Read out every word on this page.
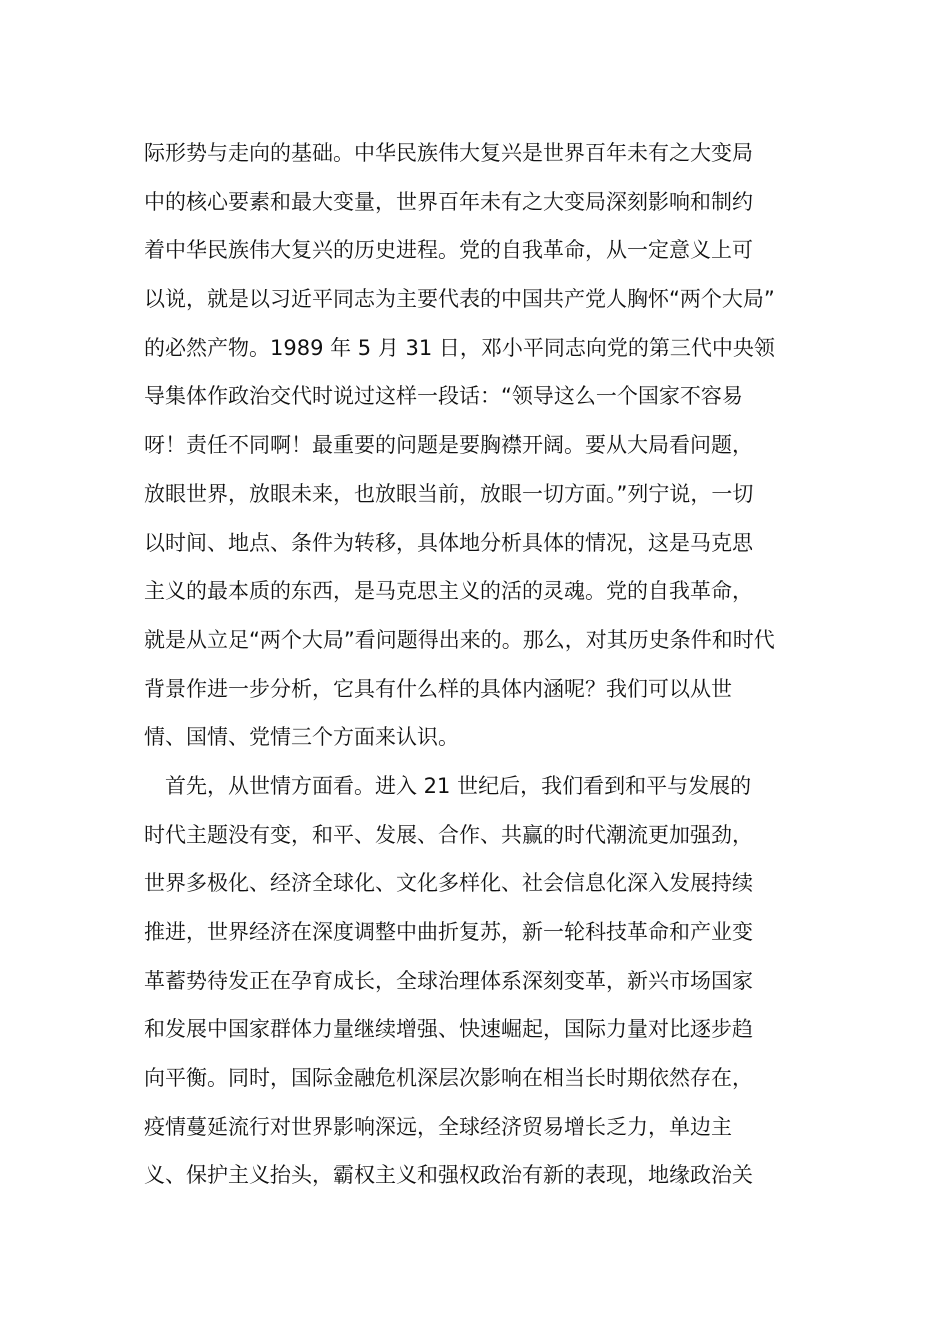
际形势与走向的基础。中华民族伟大复兴是世界百年未有之大变局
中的核心要素和最大变量，世界百年未有之大变局深刻影响和制约
着中华民族伟大复兴的历史进程。党的自我革命，从一定意义上可
以说，就是以习近平同志为主要代表的中国共产党人胸怀“两个大局”
的必然产物。1989 年 5 月 31 日，邓小平同志向党的第三代中央领
导集体作政治交代时说过这样一段话：“领导这么一个国家不容易
呀！责任不同啊！最重要的问题是要胸襟开阔。要从大局看问题，
放眼世界，放眼未来，也放眼当前，放眼一切方面。”列宁说，一切
以时间、地点、条件为转移，具体地分析具体的情况，这是马克思
主义的最本质的东西，是马克思主义的活的灵魂。党的自我革命，
就是从立足“两个大局”看问题得出来的。那么，对其历史条件和时代
背景作进一步分析，它具有什么样的具体内涵呢？我们可以从世
情、国情、党情三个方面来认识。
　首先，从世情方面看。进入 21 世纪后，我们看到和平与发展的
时代主题没有变，和平、发展、合作、共赢的时代潮流更加强劲，
世界多极化、经济全球化、文化多样化、社会信息化深入发展持续
推进，世界经济在深度调整中曲折复苏，新一轮科技革命和产业变
革蓄势待发正在孕育成长，全球治理体系深刻变革，新兴市场国家
和发展中国家群体力量继续增强、快速崛起，国际力量对比逐步趋
向平衡。同时，国际金融危机深层次影响在相当长时期依然存在，
疫情蔓延流行对世界影响深远，全球经济贸易增长乏力，单边主
义、保护主义抬头，霸权主义和强权政治有新的表现，地缘政治关
